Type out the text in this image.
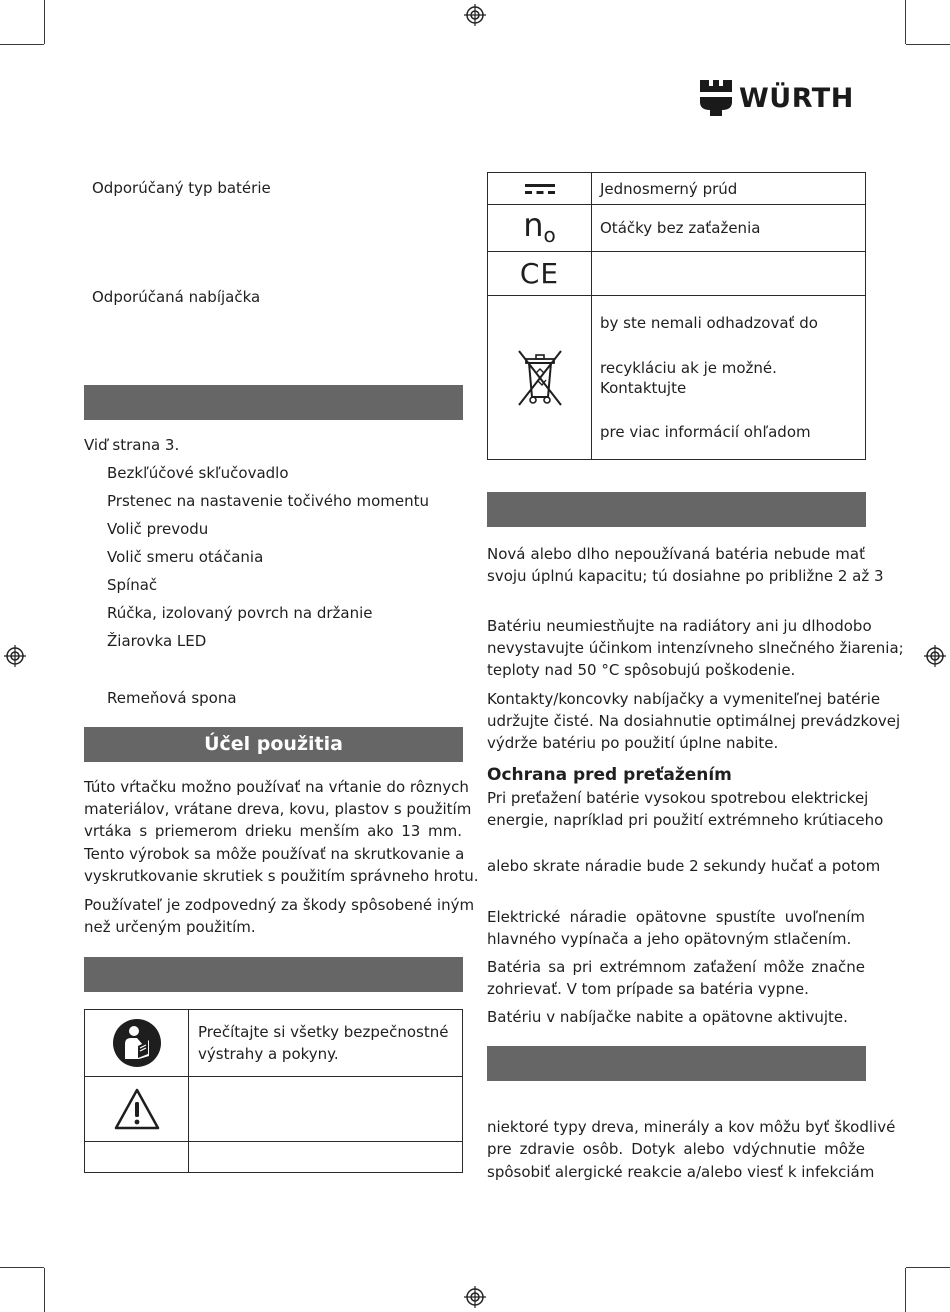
WÜRTH
Odporúčaný typ batérie
Odporúčaná nabíjačka
Viď strana 3.
Bezkľúčové skľučovadlo
Prstenec na nastavenie točivého momentu
Volič prevodu
Volič smeru otáčania
Spínač
Rúčka, izolovaný povrch na držanie
Žiarovka LED
Remeňová spona
Účel použitia
Túto vŕtačku možno používať na vŕtanie do rôznych
materiálov, vrátane dreva, kovu, plastov s použitím
vrtáka s priemerom drieku menším ako 13 mm.
Tento výrobok sa môže používať na skrutkovanie a
vyskrutkovanie skrutiek s použitím správneho hrotu.
Používateľ je zodpovedný za škody spôsobené iným
než určeným použitím.

Prečítajte si všetky bezpečnostné
výstrahy a pokyny.

	Jednosmerný prúd
no	Otáčky bez zaťaženia
CE	

by ste nemali odhadzovať do
recykláciu ak je možné. Kontaktujte
pre viac informácií ohľadom
Nová alebo dlho nepoužívaná batéria nebude mať
svoju úplnú kapacitu; tú dosiahne po približne 2 až 3
Batériu neumiestňujte na radiátory ani ju dlhodobo
nevystavujte účinkom intenzívneho slnečného žiarenia;
teploty nad 50 °C spôsobujú poškodenie.
Kontakty/koncovky nabíjačky a vymeniteľnej batérie
udržujte čisté. Na dosiahnutie optimálnej prevádzkovej
výdrže batériu po použití úplne nabite.
Ochrana pred preťažením
Pri preťažení batérie vysokou spotrebou elektrickej
energie, napríklad pri použití extrémneho krútiaceho
alebo skrate náradie bude 2 sekundy hučať a potom
Elektrické náradie opätovne spustíte uvoľnením
hlavného vypínača a jeho opätovným stlačením.
Batéria sa pri extrémnom zaťažení môže značne
zohrievať. V tom prípade sa batéria vypne.
Batériu v nabíjačke nabite a opätovne aktivujte.
niektoré typy dreva, minerály a kov môžu byť škodlivé
pre zdravie osôb. Dotyk alebo vdýchnutie môže
spôsobiť alergické reakcie a/alebo viesť k infekciám
